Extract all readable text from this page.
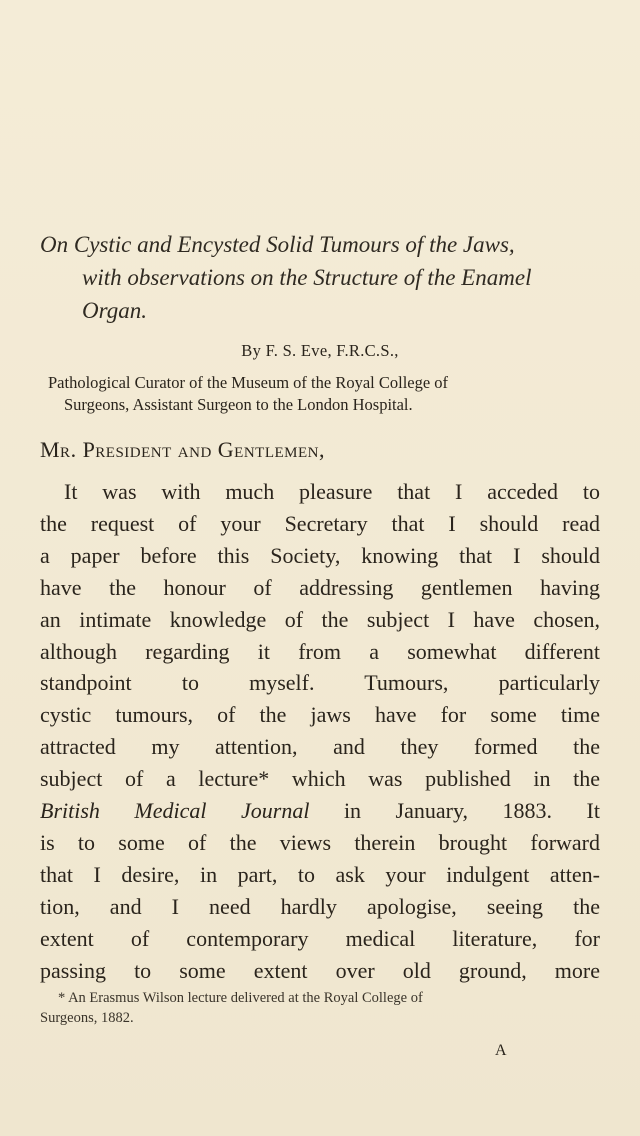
On Cystic and Encysted Solid Tumours of the Jaws,
with observations on the Structure of the Enamel
Organ.
By F. S. Eve, F.R.C.S.,
Pathological Curator of the Museum of the Royal College of
Surgeons, Assistant Surgeon to the London Hospital.
Mr. President and Gentlemen,
It was with much pleasure that I acceded to
the request of your Secretary that I should read
a paper before this Society, knowing that I should
have the honour of addressing gentlemen having
an intimate knowledge of the subject I have chosen,
although regarding it from a somewhat different
standpoint to myself. Tumours, particularly
cystic tumours, of the jaws have for some time
attracted my attention, and they formed the
subject of a lecture* which was published in the
British Medical Journal in January, 1883. It
is to some of the views therein brought forward
that I desire, in part, to ask your indulgent atten-
tion, and I need hardly apologise, seeing the
extent of contemporary medical literature, for
passing to some extent over old ground, more
* An Erasmus Wilson lecture delivered at the Royal College of
Surgeons, 1882.
A
